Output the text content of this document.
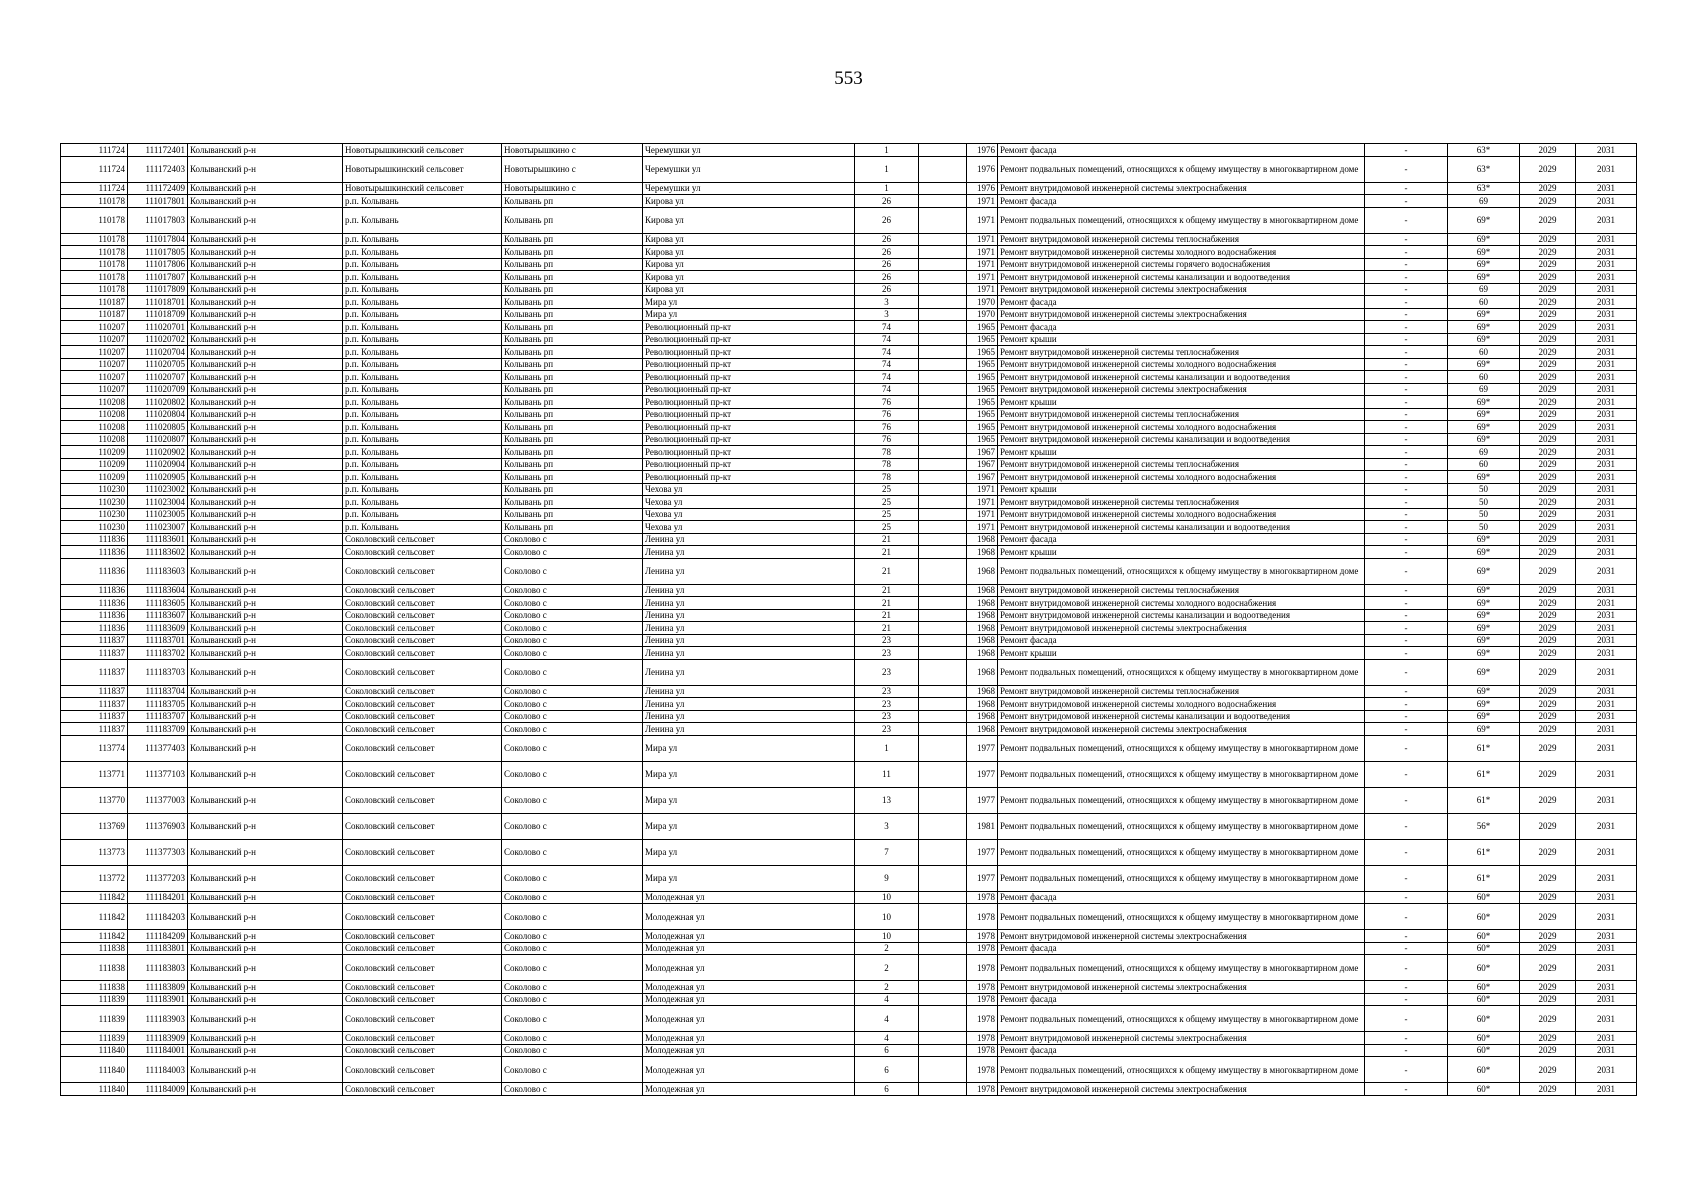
553
111724	111172401	Колыванский р-н	Новотырышкинский сельсовет	Новотырышкино с	Черемушки ул	1		1976	Ремонт фасада	-	63*	2029	2031
111724	111172403	Колыванский р-н	Новотырышкинский сельсовет	Новотырышкино с	Черемушки ул	1		1976	Ремонт подвальных помещений, относящихся к общему имуществу в многоквартирном доме	-	63*	2029	2031
111724	111172409	Колыванский р-н	Новотырышкинский сельсовет	Новотырышкино с	Черемушки ул	1		1976	Ремонт внутридомовой инженерной системы электроснабжения	-	63*	2029	2031
110178	111017801	Колыванский р-н	р.п. Колывань	Колывань рп	Кирова ул	26		1971	Ремонт фасада	-	69	2029	2031
110178	111017803	Колыванский р-н	р.п. Колывань	Колывань рп	Кирова ул	26		1971	Ремонт подвальных помещений, относящихся к общему имуществу в многоквартирном доме	-	69*	2029	2031
110178	111017804	Колыванский р-н	р.п. Колывань	Колывань рп	Кирова ул	26		1971	Ремонт внутридомовой инженерной системы теплоснабжения	-	69*	2029	2031
110178	111017805	Колыванский р-н	р.п. Колывань	Колывань рп	Кирова ул	26		1971	Ремонт внутридомовой инженерной системы холодного водоснабжения	-	69*	2029	2031
110178	111017806	Колыванский р-н	р.п. Колывань	Колывань рп	Кирова ул	26		1971	Ремонт внутридомовой инженерной системы горячего водоснабжения	-	69*	2029	2031
110178	111017807	Колыванский р-н	р.п. Колывань	Колывань рп	Кирова ул	26		1971	Ремонт внутридомовой инженерной системы канализации и водоотведения	-	69*	2029	2031
110178	111017809	Колыванский р-н	р.п. Колывань	Колывань рп	Кирова ул	26		1971	Ремонт внутридомовой инженерной системы электроснабжения	-	69	2029	2031
110187	111018701	Колыванский р-н	р.п. Колывань	Колывань рп	Мира ул	3		1970	Ремонт фасада	-	60	2029	2031
110187	111018709	Колыванский р-н	р.п. Колывань	Колывань рп	Мира ул	3		1970	Ремонт внутридомовой инженерной системы электроснабжения	-	69*	2029	2031
110207	111020701	Колыванский р-н	р.п. Колывань	Колывань рп	Революционный пр-кт	74		1965	Ремонт фасада	-	69*	2029	2031
110207	111020702	Колыванский р-н	р.п. Колывань	Колывань рп	Революционный пр-кт	74		1965	Ремонт крыши	-	69*	2029	2031
110207	111020704	Колыванский р-н	р.п. Колывань	Колывань рп	Революционный пр-кт	74		1965	Ремонт внутридомовой инженерной системы теплоснабжения	-	60	2029	2031
110207	111020705	Колыванский р-н	р.п. Колывань	Колывань рп	Революционный пр-кт	74		1965	Ремонт внутридомовой инженерной системы холодного водоснабжения	-	69*	2029	2031
110207	111020707	Колыванский р-н	р.п. Колывань	Колывань рп	Революционный пр-кт	74		1965	Ремонт внутридомовой инженерной системы канализации и водоотведения	-	60	2029	2031
110207	111020709	Колыванский р-н	р.п. Колывань	Колывань рп	Революционный пр-кт	74		1965	Ремонт внутридомовой инженерной системы электроснабжения	-	69	2029	2031
110208	111020802	Колыванский р-н	р.п. Колывань	Колывань рп	Революционный пр-кт	76		1965	Ремонт крыши	-	69*	2029	2031
110208	111020804	Колыванский р-н	р.п. Колывань	Колывань рп	Революционный пр-кт	76		1965	Ремонт внутридомовой инженерной системы теплоснабжения	-	69*	2029	2031
110208	111020805	Колыванский р-н	р.п. Колывань	Колывань рп	Революционный пр-кт	76		1965	Ремонт внутридомовой инженерной системы холодного водоснабжения	-	69*	2029	2031
110208	111020807	Колыванский р-н	р.п. Колывань	Колывань рп	Революционный пр-кт	76		1965	Ремонт внутридомовой инженерной системы канализации и водоотведения	-	69*	2029	2031
110209	111020902	Колыванский р-н	р.п. Колывань	Колывань рп	Революционный пр-кт	78		1967	Ремонт крыши	-	69	2029	2031
110209	111020904	Колыванский р-н	р.п. Колывань	Колывань рп	Революционный пр-кт	78		1967	Ремонт внутридомовой инженерной системы теплоснабжения	-	60	2029	2031
110209	111020905	Колыванский р-н	р.п. Колывань	Колывань рп	Революционный пр-кт	78		1967	Ремонт внутридомовой инженерной системы холодного водоснабжения	-	69*	2029	2031
110230	111023002	Колыванский р-н	р.п. Колывань	Колывань рп	Чехова ул	25		1971	Ремонт крыши	-	50	2029	2031
110230	111023004	Колыванский р-н	р.п. Колывань	Колывань рп	Чехова ул	25		1971	Ремонт внутридомовой инженерной системы теплоснабжения	-	50	2029	2031
110230	111023005	Колыванский р-н	р.п. Колывань	Колывань рп	Чехова ул	25		1971	Ремонт внутридомовой инженерной системы холодного водоснабжения	-	50	2029	2031
110230	111023007	Колыванский р-н	р.п. Колывань	Колывань рп	Чехова ул	25		1971	Ремонт внутридомовой инженерной системы канализации и водоотведения	-	50	2029	2031
111836	111183601	Колыванский р-н	Соколовский сельсовет	Соколово с	Ленина ул	21		1968	Ремонт фасада	-	69*	2029	2031
111836	111183602	Колыванский р-н	Соколовский сельсовет	Соколово с	Ленина ул	21		1968	Ремонт крыши	-	69*	2029	2031
111836	111183603	Колыванский р-н	Соколовский сельсовет	Соколово с	Ленина ул	21		1968	Ремонт подвальных помещений, относящихся к общему имуществу в многоквартирном доме	-	69*	2029	2031
111836	111183604	Колыванский р-н	Соколовский сельсовет	Соколово с	Ленина ул	21		1968	Ремонт внутридомовой инженерной системы теплоснабжения	-	69*	2029	2031
111836	111183605	Колыванский р-н	Соколовский сельсовет	Соколово с	Ленина ул	21		1968	Ремонт внутридомовой инженерной системы холодного водоснабжения	-	69*	2029	2031
111836	111183607	Колыванский р-н	Соколовский сельсовет	Соколово с	Ленина ул	21		1968	Ремонт внутридомовой инженерной системы канализации и водоотведения	-	69*	2029	2031
111836	111183609	Колыванский р-н	Соколовский сельсовет	Соколово с	Ленина ул	21		1968	Ремонт внутридомовой инженерной системы электроснабжения	-	69*	2029	2031
111837	111183701	Колыванский р-н	Соколовский сельсовет	Соколово с	Ленина ул	23		1968	Ремонт фасада	-	69*	2029	2031
111837	111183702	Колыванский р-н	Соколовский сельсовет	Соколово с	Ленина ул	23		1968	Ремонт крыши	-	69*	2029	2031
111837	111183703	Колыванский р-н	Соколовский сельсовет	Соколово с	Ленина ул	23		1968	Ремонт подвальных помещений, относящихся к общему имуществу в многоквартирном доме	-	69*	2029	2031
111837	111183704	Колыванский р-н	Соколовский сельсовет	Соколово с	Ленина ул	23		1968	Ремонт внутридомовой инженерной системы теплоснабжения	-	69*	2029	2031
111837	111183705	Колыванский р-н	Соколовский сельсовет	Соколово с	Ленина ул	23		1968	Ремонт внутридомовой инженерной системы холодного водоснабжения	-	69*	2029	2031
111837	111183707	Колыванский р-н	Соколовский сельсовет	Соколово с	Ленина ул	23		1968	Ремонт внутридомовой инженерной системы канализации и водоотведения	-	69*	2029	2031
111837	111183709	Колыванский р-н	Соколовский сельсовет	Соколово с	Ленина ул	23		1968	Ремонт внутридомовой инженерной системы электроснабжения	-	69*	2029	2031
113774	111377403	Колыванский р-н	Соколовский сельсовет	Соколово с	Мира ул	1		1977	Ремонт подвальных помещений, относящихся к общему имуществу в многоквартирном доме	-	61*	2029	2031
113771	111377103	Колыванский р-н	Соколовский сельсовет	Соколово с	Мира ул	11		1977	Ремонт подвальных помещений, относящихся к общему имуществу в многоквартирном доме	-	61*	2029	2031
113770	111377003	Колыванский р-н	Соколовский сельсовет	Соколово с	Мира ул	13		1977	Ремонт подвальных помещений, относящихся к общему имуществу в многоквартирном доме	-	61*	2029	2031
113769	111376903	Колыванский р-н	Соколовский сельсовет	Соколово с	Мира ул	3		1981	Ремонт подвальных помещений, относящихся к общему имуществу в многоквартирном доме	-	56*	2029	2031
113773	111377303	Колыванский р-н	Соколовский сельсовет	Соколово с	Мира ул	7		1977	Ремонт подвальных помещений, относящихся к общему имуществу в многоквартирном доме	-	61*	2029	2031
113772	111377203	Колыванский р-н	Соколовский сельсовет	Соколово с	Мира ул	9		1977	Ремонт подвальных помещений, относящихся к общему имуществу в многоквартирном доме	-	61*	2029	2031
111842	111184201	Колыванский р-н	Соколовский сельсовет	Соколово с	Молодежная ул	10		1978	Ремонт фасада	-	60*	2029	2031
111842	111184203	Колыванский р-н	Соколовский сельсовет	Соколово с	Молодежная ул	10		1978	Ремонт подвальных помещений, относящихся к общему имуществу в многоквартирном доме	-	60*	2029	2031
111842	111184209	Колыванский р-н	Соколовский сельсовет	Соколово с	Молодежная ул	10		1978	Ремонт внутридомовой инженерной системы электроснабжения	-	60*	2029	2031
111838	111183801	Колыванский р-н	Соколовский сельсовет	Соколово с	Молодежная ул	2		1978	Ремонт фасада	-	60*	2029	2031
111838	111183803	Колыванский р-н	Соколовский сельсовет	Соколово с	Молодежная ул	2		1978	Ремонт подвальных помещений, относящихся к общему имуществу в многоквартирном доме	-	60*	2029	2031
111838	111183809	Колыванский р-н	Соколовский сельсовет	Соколово с	Молодежная ул	2		1978	Ремонт внутридомовой инженерной системы электроснабжения	-	60*	2029	2031
111839	111183901	Колыванский р-н	Соколовский сельсовет	Соколово с	Молодежная ул	4		1978	Ремонт фасада	-	60*	2029	2031
111839	111183903	Колыванский р-н	Соколовский сельсовет	Соколово с	Молодежная ул	4		1978	Ремонт подвальных помещений, относящихся к общему имуществу в многоквартирном доме	-	60*	2029	2031
111839	111183909	Колыванский р-н	Соколовский сельсовет	Соколово с	Молодежная ул	4		1978	Ремонт внутридомовой инженерной системы электроснабжения	-	60*	2029	2031
111840	111184001	Колыванский р-н	Соколовский сельсовет	Соколово с	Молодежная ул	6		1978	Ремонт фасада	-	60*	2029	2031
111840	111184003	Колыванский р-н	Соколовский сельсовет	Соколово с	Молодежная ул	6		1978	Ремонт подвальных помещений, относящихся к общему имуществу в многоквартирном доме	-	60*	2029	2031
111840	111184009	Колыванский р-н	Соколовский сельсовет	Соколово с	Молодежная ул	6		1978	Ремонт внутридомовой инженерной системы электроснабжения	-	60*	2029	2031
